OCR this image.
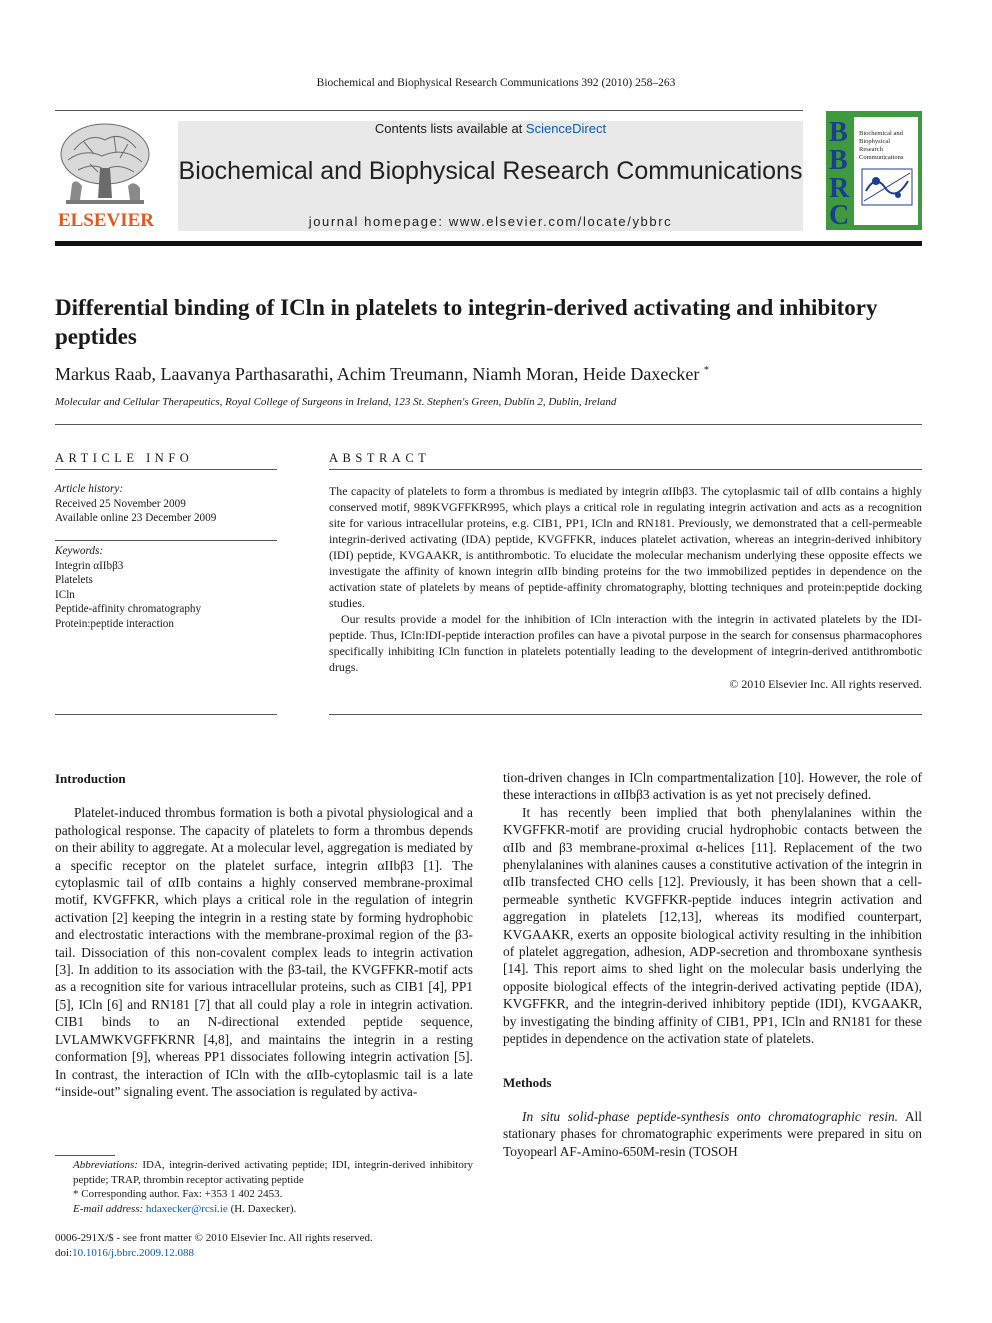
Biochemical and Biophysical Research Communications 392 (2010) 258–263
ELSEVIER
Contents lists available at ScienceDirect
Biochemical and Biophysical Research Communications
journal homepage: www.elsevier.com/locate/ybbrc
B
B
R
C
Biochemical and
Biophysical
Research
Communications
Differential binding of ICln in platelets to integrin-derived activating and inhibitory peptides
Markus Raab, Laavanya Parthasarathi, Achim Treumann, Niamh Moran, Heide Daxecker *
Molecular and Cellular Therapeutics, Royal College of Surgeons in Ireland, 123 St. Stephen's Green, Dublin 2, Dublin, Ireland
ARTICLE INFO	ABSTRACT
Article history:
Received 25 November 2009
Available online 23 December 2009
Keywords:
Integrin αIIbβ3
Platelets
ICln
Peptide-affinity chromatography
Protein:peptide interaction

The capacity of platelets to form a thrombus is mediated by integrin αIIbβ3. The cytoplasmic tail of αIIb contains a highly conserved motif, 989KVGFFKR995, which plays a critical role in regulating integrin activation and acts as a recognition site for various intracellular proteins, e.g. CIB1, PP1, ICln and RN181. Previously, we demonstrated that a cell-permeable integrin-derived activating (IDA) peptide, KVGFFKR, induces platelet activation, whereas an integrin-derived inhibitory (IDI) peptide, KVGAAKR, is antithrombotic. To elucidate the molecular mechanism underlying these opposite effects we investigate the affinity of known integrin αIIb binding proteins for the two immobilized peptides in dependence on the activation state of platelets by means of peptide-affinity chromatography, blotting techniques and protein:peptide docking studies.

Our results provide a model for the inhibition of ICln interaction with the integrin in activated platelets by the IDI-peptide. Thus, ICln:IDI-peptide interaction profiles can have a pivotal purpose in the search for consensus pharmacophores specifically inhibiting ICln function in platelets potentially leading to the development of integrin-derived antithrombotic drugs.

© 2010 Elsevier Inc. All rights reserved.
Introduction

Platelet-induced thrombus formation is both a pivotal physiological and a pathological response. The capacity of platelets to form a thrombus depends on their ability to aggregate. At a molecular level, aggregation is mediated by a specific receptor on the platelet surface, integrin αIIbβ3 [1]. The cytoplasmic tail of αIIb contains a highly conserved membrane-proximal motif, KVGFFKR, which plays a critical role in the regulation of integrin activation [2] keeping the integrin in a resting state by forming hydrophobic and electrostatic interactions with the membrane-proximal region of the β3-tail. Dissociation of this non-covalent complex leads to integrin activation [3]. In addition to its association with the β3-tail, the KVGFFKR-motif acts as a recognition site for various intracellular proteins, such as CIB1 [4], PP1 [5], ICln [6] and RN181 [7] that all could play a role in integrin activation. CIB1 binds to an N-directional extended peptide sequence, LVLAMWKVGFFKRNR [4,8], and maintains the integrin in a resting conformation [9], whereas PP1 dissociates following integrin activation [5]. In contrast, the interaction of ICln with the αIIb-cytoplasmic tail is a late “inside-out” signaling event. The association is regulated by activa-

tion-driven changes in ICln compartmentalization [10]. However, the role of these interactions in αIIbβ3 activation is as yet not precisely defined.

It has recently been implied that both phenylalanines within the KVGFFKR-motif are providing crucial hydrophobic contacts between the αIIb and β3 membrane-proximal α-helices [11]. Replacement of the two phenylalanines with alanines causes a constitutive activation of the integrin in αIIb transfected CHO cells [12]. Previously, it has been shown that a cell-permeable synthetic KVGFFKR-peptide induces integrin activation and aggregation in platelets [12,13], whereas its modified counterpart, KVGAAKR, exerts an opposite biological activity resulting in the inhibition of platelet aggregation, adhesion, ADP-secretion and thromboxane synthesis [14]. This report aims to shed light on the molecular basis underlying the opposite biological effects of the integrin-derived activating peptide (IDA), KVGFFKR, and the integrin-derived inhibitory peptide (IDI), KVGAAKR, by investigating the binding affinity of CIB1, PP1, ICln and RN181 for these peptides in dependence on the activation state of platelets.

Methods

In situ solid-phase peptide-synthesis onto chromatographic resin. All stationary phases for chromatographic experiments were prepared in situ on Toyopearl AF-Amino-650M-resin (TOSOH

Abbreviations: IDA, integrin-derived activating peptide; IDI, integrin-derived inhibitory peptide; TRAP, thrombin receptor activating peptide

* Corresponding author. Fax: +353 1 402 2453.

E-mail address: hdaxecker@rcsi.ie (H. Daxecker).

0006-291X/$ - see front matter © 2010 Elsevier Inc. All rights reserved.
doi:10.1016/j.bbrc.2009.12.088
